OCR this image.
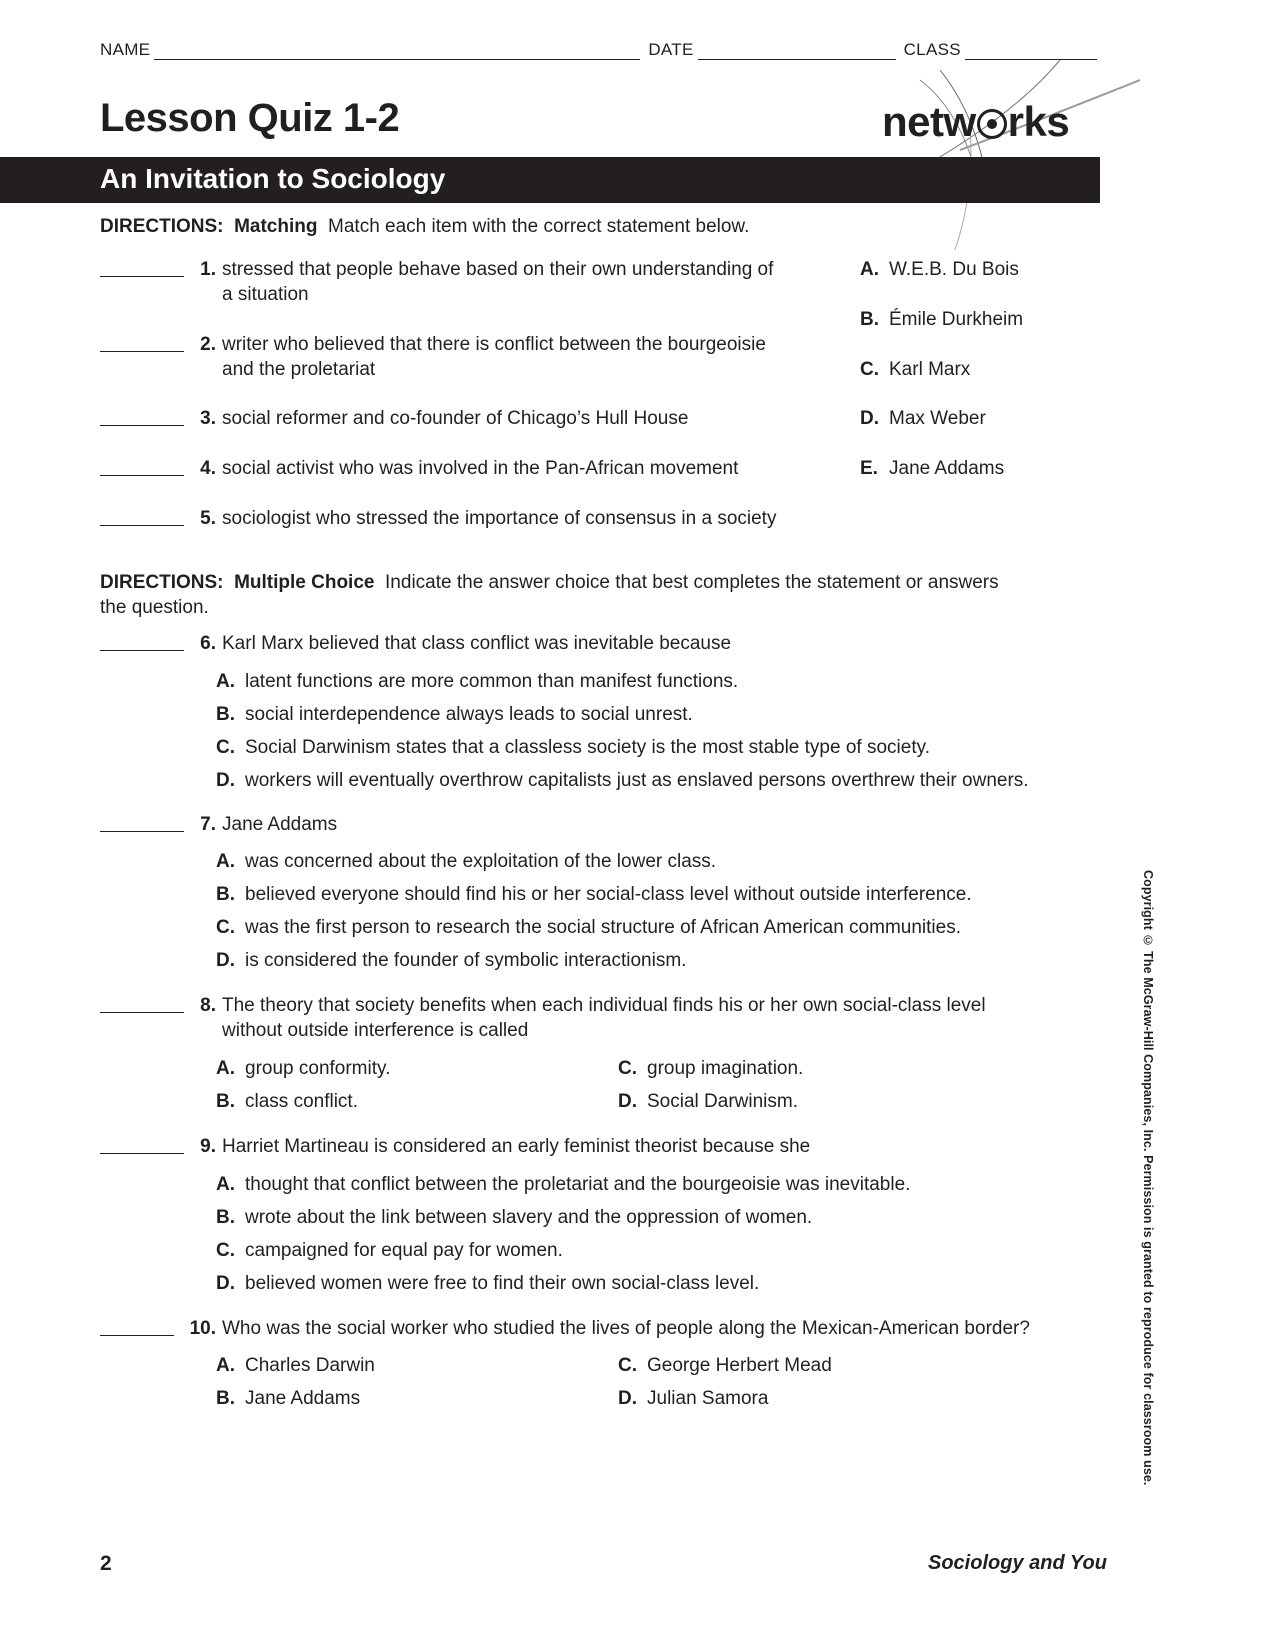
NAME	DATE	CLASS
Lesson Quiz 1-2	netw rks
An Invitation to Sociology
DIRECTIONS: Matching Match each item with the correct statement below.
1. stressed that people behave based on their own understanding of a situation
2. writer who believed that there is conflict between the bourgeoisie and the proletariat
3. social reformer and co-founder of Chicago’s Hull House
4. social activist who was involved in the Pan-African movement
5. sociologist who stressed the importance of consensus in a society
A. W.E.B. Du Bois
B. Émile Durkheim
C. Karl Marx
D. Max Weber
E. Jane Addams
DIRECTIONS: Multiple Choice Indicate the answer choice that best completes the statement or answers
the question.
6. Karl Marx believed that class conflict was inevitable because
A. latent functions are more common than manifest functions.
B. social interdependence always leads to social unrest.
C. Social Darwinism states that a classless society is the most stable type of society.
D. workers will eventually overthrow capitalists just as enslaved persons overthrew their owners.
7. Jane Addams
A. was concerned about the exploitation of the lower class.
B. believed everyone should find his or her social-class level without outside interference.
C. was the first person to research the social structure of African American communities.
D. is considered the founder of symbolic interactionism.
8. The theory that society benefits when each individual finds his or her own social-class level without outside interference is called
A. group conformity.
B. class conflict.
C. group imagination.
D. Social Darwinism.
9. Harriet Martineau is considered an early feminist theorist because she
A. thought that conflict between the proletariat and the bourgeoisie was inevitable.
B. wrote about the link between slavery and the oppression of women.
C. campaigned for equal pay for women.
D. believed women were free to find their own social-class level.
10. Who was the social worker who studied the lives of people along the Mexican-American border?
A. Charles Darwin
B. Jane Addams
C. George Herbert Mead
D. Julian Samora	Copyright © The McGraw-Hill Companies, Inc. Permission is granted to reproduce for classroom use.
2	Sociology and You
